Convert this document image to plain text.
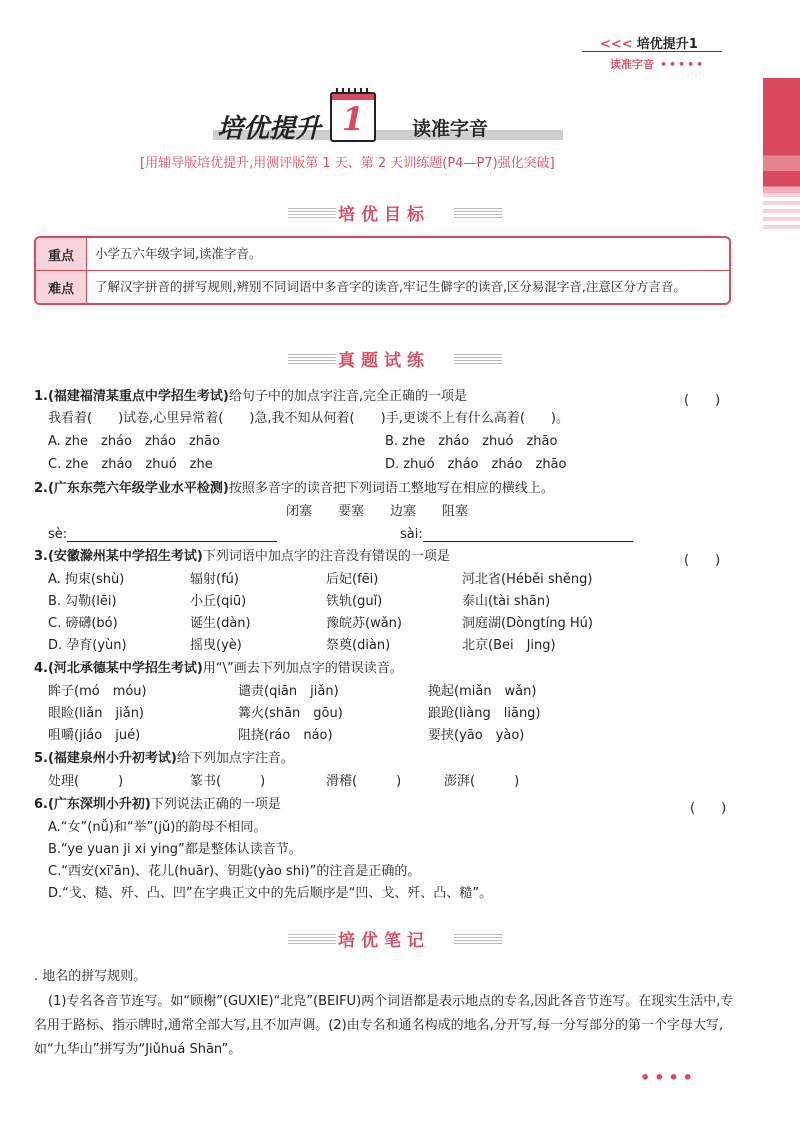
<<< 培优提升1
读准字音 •••••
培优提升 1	读准字音
[用辅导版培优提升,用测评版第 1 天、第 2 天训练题(P4—P7)强化突破]
培优目标
重点	小学五六年级字词,读准字音。
难点	了解汉字拼音的拼写规则,辨别不同词语中多音字的读音,牢记生僻字的读音,区分易混字音,注意区分方言音。
真题试练
1.(福建福清某重点中学招生考试)给句子中的加点字注音,完全正确的一项是	(　　)
我看着(　　)试卷,心里异常着(　　)急,我不知从何着(　　)手,更谈不上有什么高着(　　)。
A. zhe　zháo　zháo　zhāo	B. zhe　zháo　zhuó　zhāo
C. zhe　zháo　zhuó　zhe	D. zhuó　zháo　zháo　zhāo
2.(广东东莞六年级学业水平检测)按照多音字的读音把下列词语工整地写在相应的横线上。
闭塞　　要塞　　边塞　　阻塞
sè:	sài:
3.(安徽滁州某中学招生考试)下列词语中加点字的注音没有错误的一项是	(　　)
A. 拘束(shù)	辐射(fú)	后妃(fēi)	河北省(Héběi shěng)
B. 勾勒(lēi)	小丘(qiū)	铁轨(guǐ)	泰山(tài shān)
C. 磅礴(bó)	诞生(dàn)	豫皖苏(wǎn)	洞庭湖(Dòngtíng Hú)
D. 孕育(yùn)	摇曳(yè)	祭奠(diàn)	北京(Bei　Jing)
4.(河北承德某中学招生考试)用“\”画去下列加点字的错误读音。
眸子(mó　móu)	谴责(qiān　jiǎn)	挽起(miǎn　wǎn)
眼睑(liǎn　jiǎn)	篝火(shān　gōu)	踉跄(liàng　liāng)
咀嚼(jiáo　jué)	阻挠(ráo　náo)	要挟(yāo　yào)
5.(福建泉州小升初考试)给下列加点字注音。
处理(　　　)	篆书(　　　)	滑稽(　　　)	澎湃(　　　)
6.(广东深圳小升初)下列说法正确的一项是	(　　)
A.“女”(nǚ)和“举”(jǔ)的韵母不相同。
B.“ye yuan ji xi ying”都是整体认读音节。
C.“西安(xī'ān)、花儿(huār)、钥匙(yào shi)”的注音是正确的。
D.“戈、糙、歼、凸、凹”在字典正文中的先后顺序是“凹、戈、歼、凸、糙”。
培优笔记
. 地名的拼写规则。
(1)专名各音节连写。如“顾榭”(GUXIE)“北凫”(BEIFU)两个词语都是表示地点的专名,因此各音节连写。在现实生活中,专名用于路标、指示牌时,通常全部大写,且不加声调。(2)由专名和通名构成的地名,分开写,每一分写部分的第一个字母大写,如“九华山”拼写为“Jiǔhuá Shān”。
••••
